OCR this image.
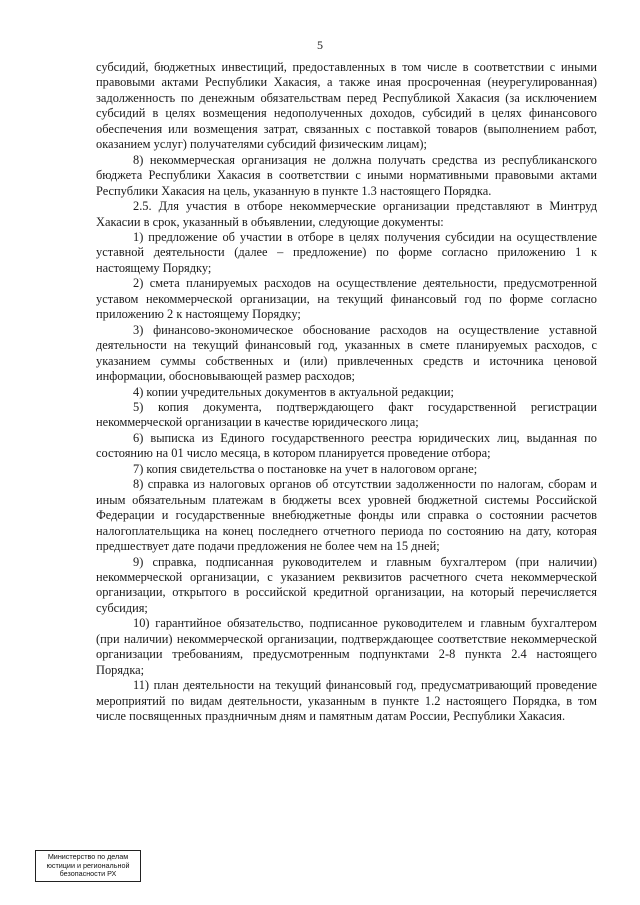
5

субсидий, бюджетных инвестиций, предоставленных в том числе в соответствии с иными правовыми актами Республики Хакасия, а также иная просроченная (неурегулированная) задолженность по денежным обязательствам перед Республикой Хакасия (за исключением субсидий в целях возмещения недополученных доходов, субсидий в целях финансового обеспечения или возмещения затрат, связанных с поставкой товаров (выполнением работ, оказанием услуг) получателями субсидий физическим лицам);

8) некоммерческая организация не должна получать средства из республиканского бюджета Республики Хакасия в соответствии с иными нормативными правовыми актами Республики Хакасия на цель, указанную в пункте 1.3 настоящего Порядка.

2.5. Для участия в отборе некоммерческие организации представляют в Минтруд Хакасии в срок, указанный в объявлении, следующие документы:

1) предложение об участии в отборе в целях получения субсидии на осуществление уставной деятельности (далее – предложение) по форме согласно приложению 1 к настоящему Порядку;

2) смета планируемых расходов на осуществление деятельности, предусмотренной уставом некоммерческой организации, на текущий финансовый год по форме согласно приложению 2 к настоящему Порядку;

3) финансово-экономическое обоснование расходов на осуществление уставной деятельности на текущий финансовый год, указанных в смете планируемых расходов, с указанием суммы собственных и (или) привлеченных средств и источника ценовой информации, обосновывающей размер расходов;

4) копии учредительных документов в актуальной редакции;

5) копия документа, подтверждающего факт государственной регистрации некоммерческой организации в качестве юридического лица;

6) выписка из Единого государственного реестра юридических лиц, выданная по состоянию на 01 число месяца, в котором планируется проведение отбора;

7) копия свидетельства о постановке на учет в налоговом органе;

8) справка из налоговых органов об отсутствии задолженности по налогам, сборам и иным обязательным платежам в бюджеты всех уровней бюджетной системы Российской Федерации и государственные внебюджетные фонды или справка о состоянии расчетов налогоплательщика на конец последнего отчетного периода по состоянию на дату, которая предшествует дате подачи предложения не более чем на 15 дней;

9) справка, подписанная руководителем и главным бухгалтером (при наличии) некоммерческой организации, с указанием реквизитов расчетного счета некоммерческой организации, открытого в российской кредитной организации, на который перечисляется субсидия;

10) гарантийное обязательство, подписанное руководителем и главным бухгалтером (при наличии) некоммерческой организации, подтверждающее соответствие некоммерческой организации требованиям, предусмотренным подпунктами 2-8 пункта 2.4 настоящего Порядка;

11) план деятельности на текущий финансовый год, предусматривающий проведение мероприятий по видам деятельности, указанным в пункте 1.2 настоящего Порядка, в том числе посвященных праздничным дням и памятным датам России, Республики Хакасия.

Министерство по делам
юстиции и региональной
безопасности РХ
